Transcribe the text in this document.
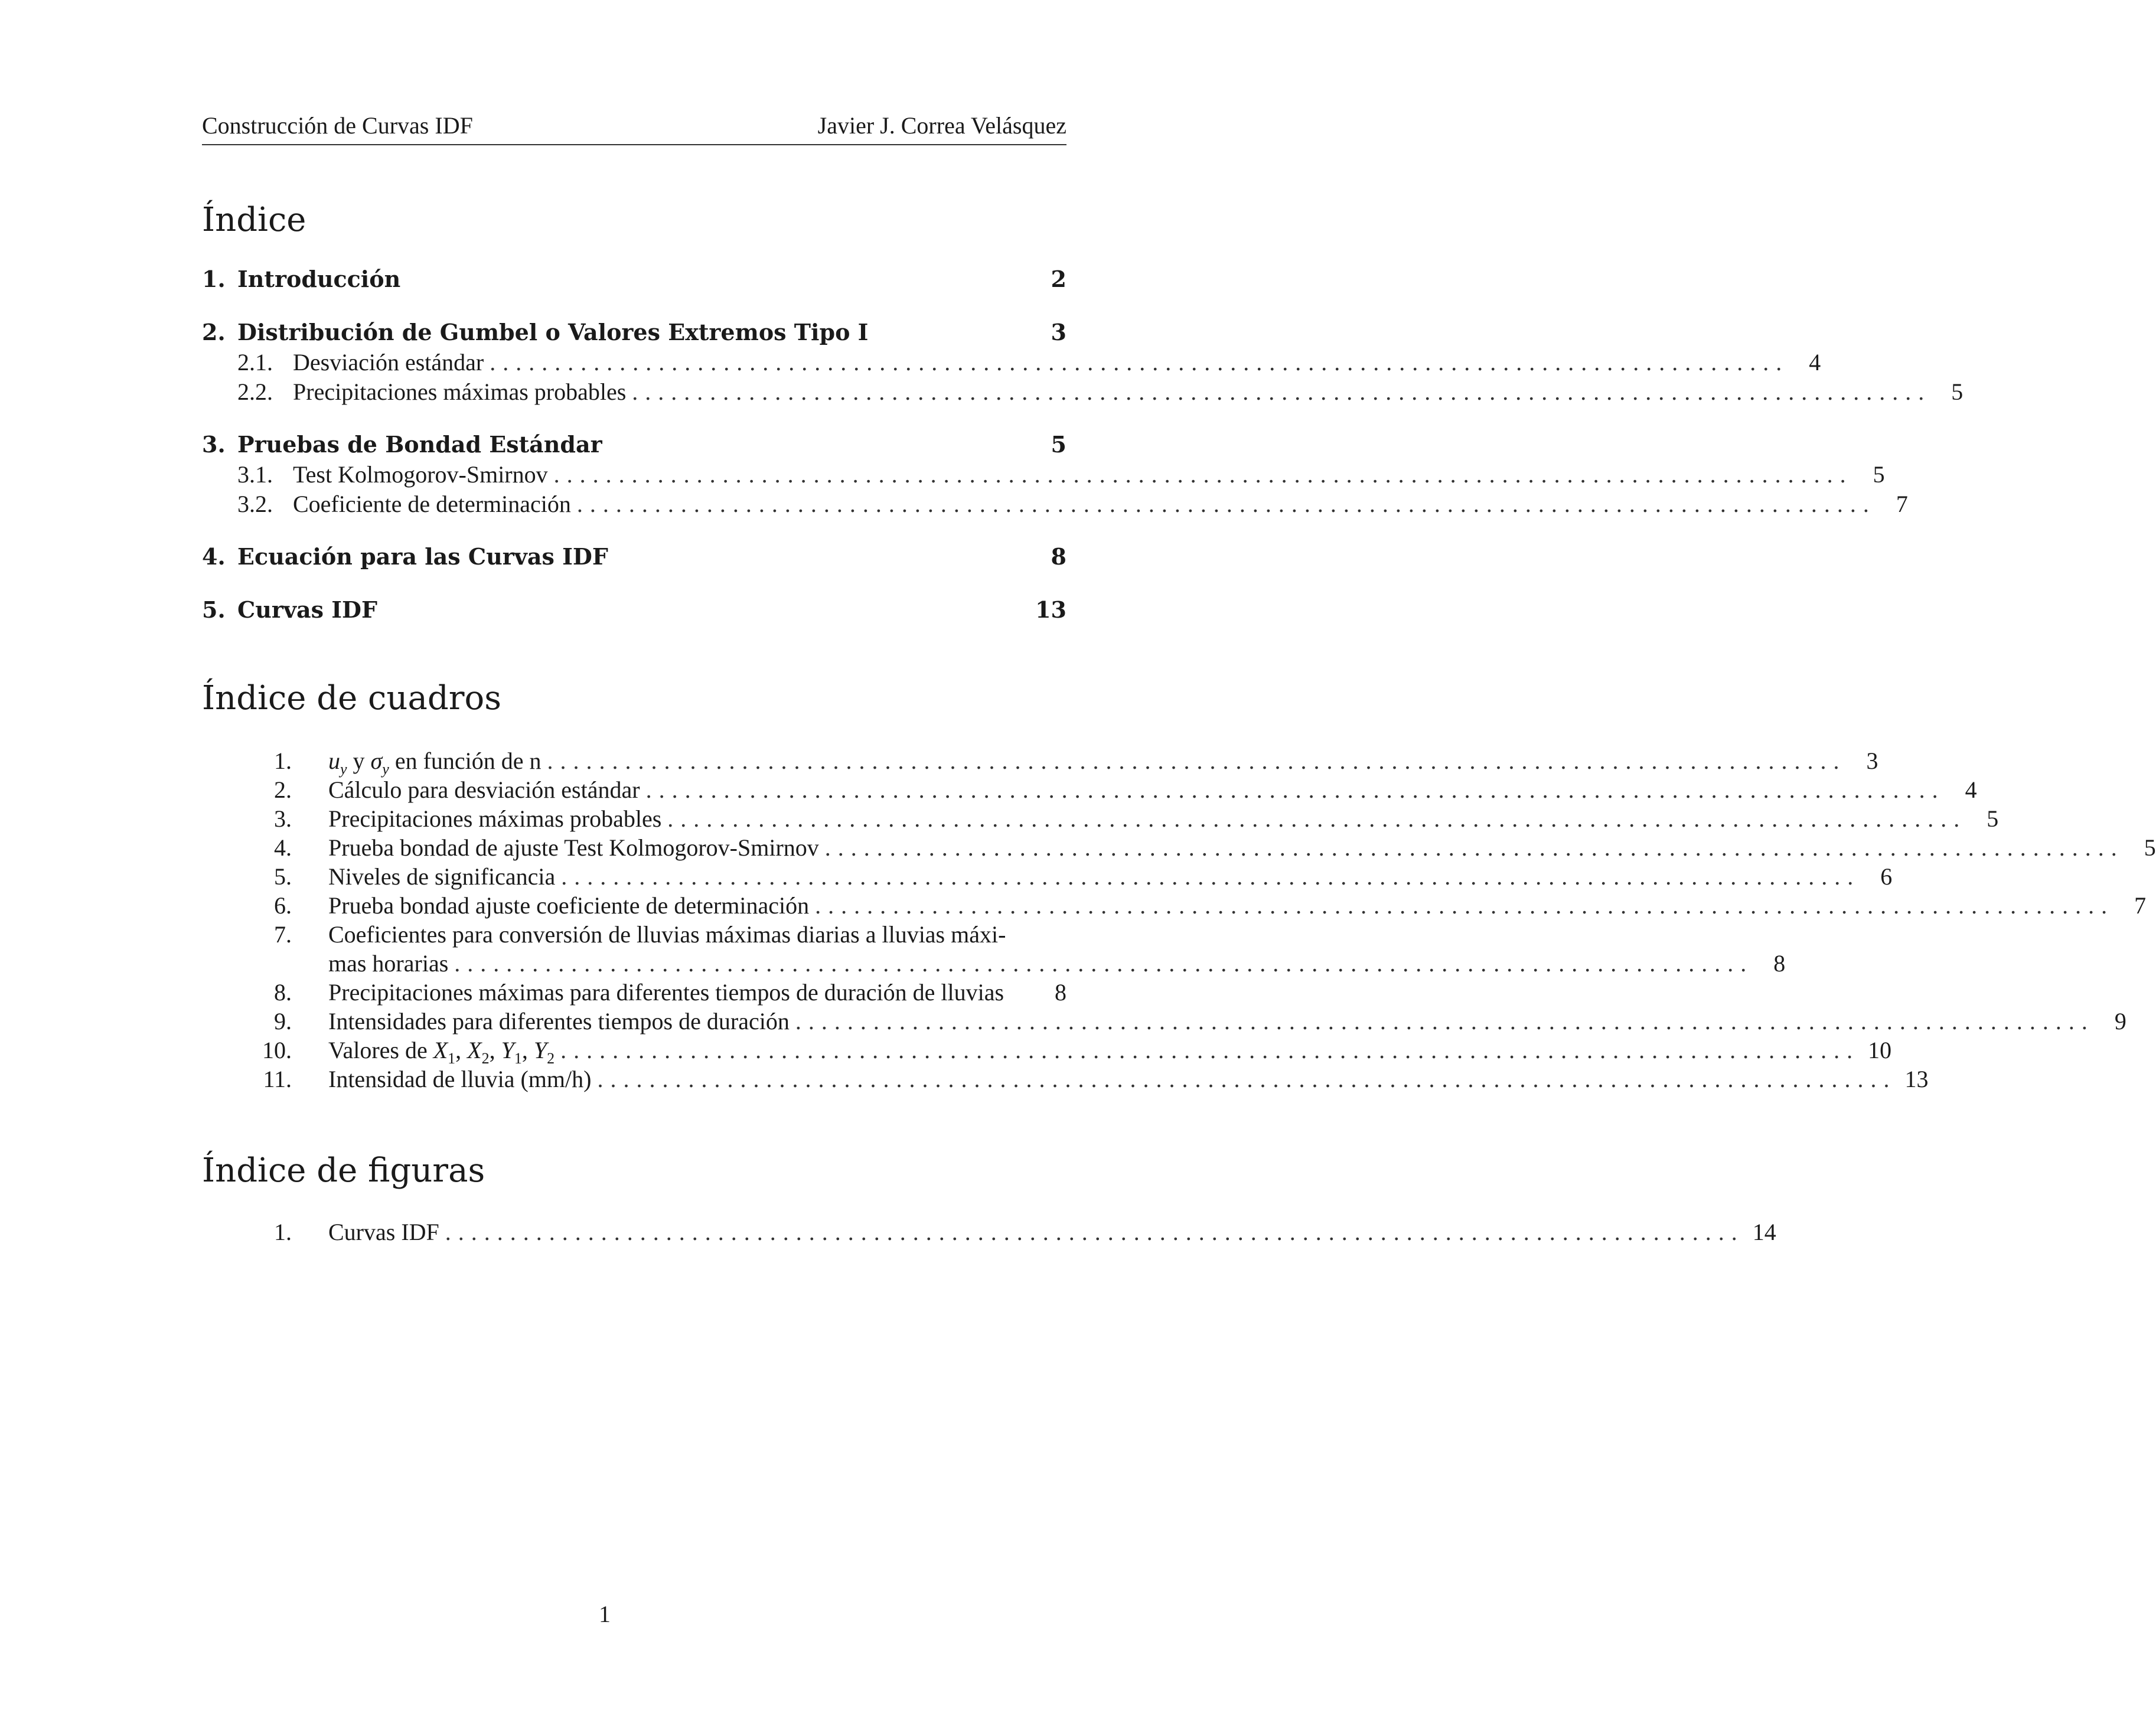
Construcción de Curvas IDF	Javier J. Correa Velásquez
Índice
1. Introducción	2
2. Distribución de Gumbel o Valores Extremos Tipo I	3
2.1. Desviación estándar .................................................................................................... 4
2.2. Precipitaciones máximas probables .................................................................................................... 5
3. Pruebas de Bondad Estándar	5
3.1. Test Kolmogorov-Smirnov .................................................................................................... 5
3.2. Coeficiente de determinación .................................................................................................... 7
4. Ecuación para las Curvas IDF	8
5. Curvas IDF	13
Índice de cuadros
1. $u_y$ y $\sigma_y$ en función de n .................................................................................................... 3
2. Cálculo para desviación estándar .................................................................................................... 4
3. Precipitaciones máximas probables .................................................................................................... 5
4. Prueba bondad de ajuste Test Kolmogorov-Smirnov .................................................................................................... 5
5. Niveles de significancia .................................................................................................... 6
6. Prueba bondad ajuste coeficiente de determinación .................................................................................................... 7
7. Coeficientes para conversión de lluvias máximas diarias a lluvias máxi-
mas horarias .................................................................................................... 8
8. Precipitaciones máximas para diferentes tiempos de duración de lluvias	8
9. Intensidades para diferentes tiempos de duración .................................................................................................... 9
10. Valores de $X_1$, $X_2$, $Y_1$, $Y_2$ .................................................................................................... 10
11. Intensidad de lluvia (mm/h) .................................................................................................... 13
Índice de figuras
1. Curvas IDF .................................................................................................... 14
1
